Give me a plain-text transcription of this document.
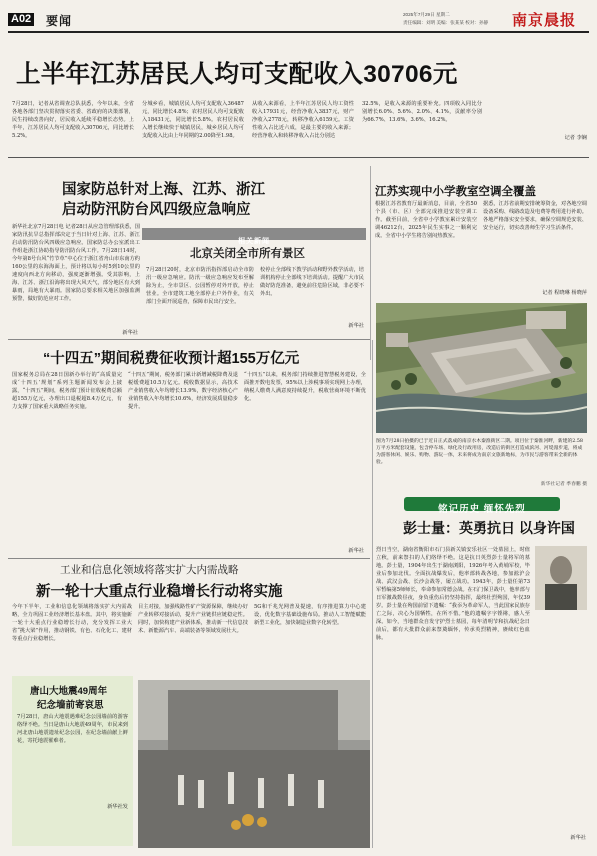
A02 要闻	2025年7月29日 星期二
责任编辑：刘明 美编：张某某 校对：孙静	南京晨报
上半年江苏居民人均可支配收入30706元
7月28日，记者从省调查总队获悉，今年以来，全省各地各部门坚决贯彻落实省委、省政府的决策部署，民生持续改善向好，居民收入延续平稳增长态势。上半年，江苏居民人均可支配收入30706元，同比增长5.2%。
分城乡看，城镇居民人均可支配收入36487元，同比增长4.8%；农村居民人均可支配收入18431元，同比增长5.8%。农村居民收入增长继续快于城镇居民，城乡居民人均可支配收入比由上年同期的2.00降至1.98。
从收入来源看，上半年江苏居民人均工资性收入17931元，经营净收入3837元，财产净收入2778元，转移净收入6159元。工资性收入占比近六成，是最主要的收入来源；经营净收入和转移净收入占比分别达
32.5%，是收入来源的重要补充。四项收入同比分别增长6.0%、5.6%、2.0%、4.1%，贡献率分别为66.7%、13.6%、3.6%、16.2%。
记者 李娴
国家防总针对上海、江苏、浙江
启动防汛防台风四级应急响应
新华社北京7月28日电 记者28日从应急管理部获悉，国家防汛抗旱总指挥部决定于当日针对上海、江苏、浙江启动防汛防台风四级应急响应。国家防总办公室派出工作组赴浙江协助指导防汛防台风工作。7月28日14时，今年第8号台风“竹节草”中心位于浙江省舟山市东南方约160公里的东海海面上，预计将以每小时5到10公里的速度向西北方向移动，强度逐渐增强。受其影响，上海、江苏、浙江沿海将出现大风天气，部分地区有大到暴雨，局地有大暴雨。国家防总要求相关地区加强监测预警，做好防范应对工作。
新华社
相关新闻
北京关闭全市所有景区
7月28日20时，北京市防汛指挥部启动全市防汛一级应急响应。防汛一级应急响应发布至解除为止，全市景区、公园暂停对外开放，停止营业。全市建筑工地全部停止户外作业，有关部门全面开展巡查，保障市民出行安全。
校停止全部线下教学活动和野外教学活动，培训机构停止全部线下培训活动。提醒广大市民做好防范准备，避免前往危险区域，非必要不外出。
新华社
江苏实现中小学教室空调全覆盖
根据江苏省教育厅最新消息，目前，全省50个县（市、区）全部完成推进安装空调工作。截至目前，全省中小学教室累计安装空调46212台，2025年民生实事之一顺利完成。全省中小学生将告别闷热教室。
据悉，江苏省前期安排统筹资金，对各地空调设备采购、线路改造及电费等费用进行补助。各地严格落实安全要求，确保空调规范安装、安全运行，切实改善师生学习生活条件。
记者 程晓琳 杨晓萍
“十四五”期间税费征收预计超155万亿元
国家税务总局在28日国新办举行的“高质量完成‘十四五’规划”系列主题新闻发布会上披露，“十四五”期间，税务部门预计征收税费总额超155万亿元，办理出口退税超8.4万亿元，有力支撑了国家重大战略任务实施。
“十四五”期间，税务部门累计新增减税降费及退税缓费超10.5万亿元。税收数据显示，高技术产业销售收入年均增长13.9%，数字经济核心产业销售收入年均增长10.6%，经济发展质量稳步提升。
“十四五”以来，税务部门持续推进智慧税务建设，全面推开数电发票，95%以上涉税事项实现网上办理，纳税人缴费人满意度持续提升，税收营商环境不断优化。
新华社
图为7月28日拍摄的已于近日正式落成的南京水木秦淮街区二期。项目位于秦淮河畔，新建的2.58万平方米配套设施，包含停车场、绿化及行政用房，改造后的街区打造成滨河、河堤漫步道，将成为游客休闲、娱乐、购物、游玩一体，未来将成为南京文旅新地标，为市民与游客带来全新的体验。
新华社记者 季春鹏 摄
工业和信息化领域将落实扩大内需战略
新一轮十大重点行业稳增长行动将实施
今年下半年，工业和信息化领域将落实扩大内需战略，全力巩固工业经济增长基本盘。其中，将实施新一轮十大重点行业稳增长行动，充分发挥工业大省“挑大梁”作用，推动钢铁、有色、石化化工、建材等重点行业稳增长。
目主对接，加强线路性矿产资源保障，继续办好产业转移对接活动，提升产业链供应链稳定性。同时，加快构建产业新体系，推动新一代信息技术、新能源汽车、高端装备等领域发展壮大。
5G和千兆光网普及提速，有序推进算力中心建设，优化数字基础设施布局。推动人工智能赋能新型工业化，加快制造业数字化转型。
唐山大地震49周年
纪念墙前寄哀思
7月28日，唐山大地震遇难纪念公园墙前的游客络绎不绝。当日是唐山大地震49周年，市民来到河北唐山地震遗址纪念公园，在纪念墙前献上鲜花，寄托地震罹难者。
新华社发
铭记历史 缅怀先烈
彭士量：英勇抗日 以身许国
烈日当空，湖南省衡阳市石门县新关镇安乐社区一处墓园上，时值立秋，前来祭扫的人们络绎不绝。这是抗日英烈彭士量将军的墓地。彭士量，1904年出生于湖南浏阳，1926年考入黄埔军校，毕业后参加北伐。全面抗战爆发后，他率部转战各地，参加淞沪会战、武汉会战、长沙会战等，屡立战功。1943年，彭士量任第73军暂编第5师师长，奉命参加常德会战。在石门保卫战中，他率部与日军激战数昼夜，身负重伤后仍坚持指挥，最终壮烈殉国，年仅39岁。彭士量在殉国前留下遗嘱：“我忝为革命军人，当此国家民族存亡之际，决心为国牺牲，在所不惜。”他的遗嘱字字铿锵，感人至深。如今，当地群众自发守护烈士墓园，每年清明节和抗战纪念日前后，都有大批群众前来祭奠缅怀，传承英烈精神，赓续红色血脉。
新华社
